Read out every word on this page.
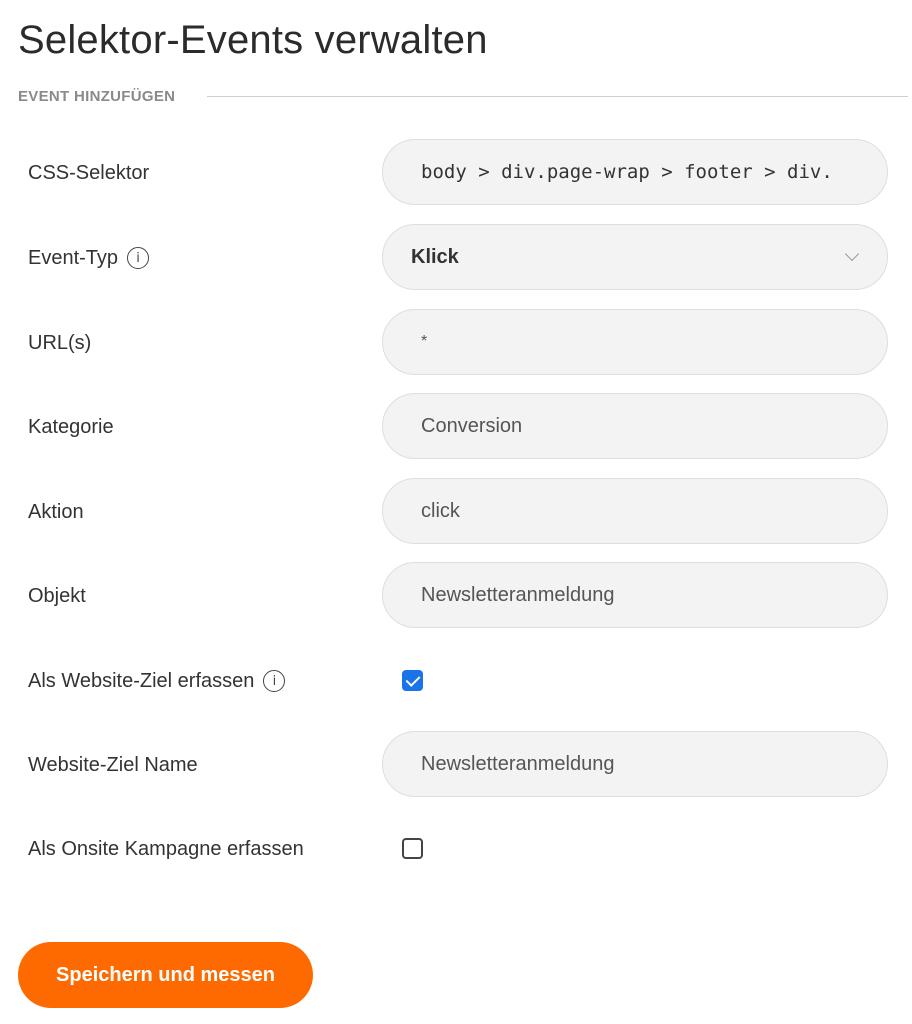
Selektor-Events verwalten
EVENT HINZUFÜGEN
CSS-Selektor	body > div.page-wrap > footer > div.
Event-Typ	i	Klick
URL(s)	*
Kategorie	Conversion
Aktion	click
Objekt	Newsletteranmeldung
Als Website-Ziel erfassen	i
Website-Ziel Name	Newsletteranmeldung
Als Onsite Kampagne erfassen
Speichern und messen
